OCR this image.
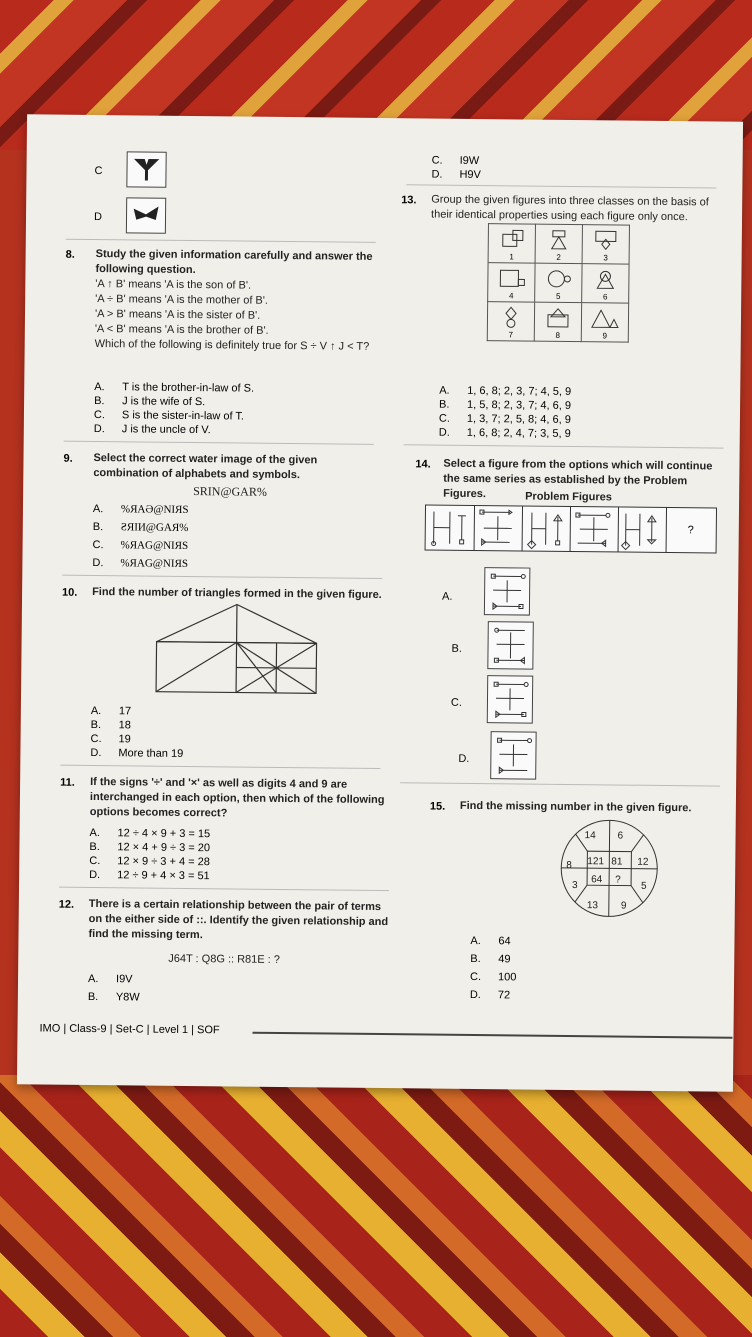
C
D
8. Study the given information carefully and answer the following question.
'A ↑ B' means 'A is the son of B'.
'A ÷ B' means 'A is the mother of B'.
'A > B' means 'A is the sister of B'.
'A < B' means 'A is the brother of B'.
Which of the following is definitely true for S ÷ V ↑ J < T?
A. T is the brother-in-law of S.
B. J is the wife of S.
C. S is the sister-in-law of T.
D. J is the uncle of V.
9. Select the correct water image of the given combination of alphabets and symbols.
SRIN@GAR%
A. %ЯAӘ@NIЯS
B. ƧЯIИ@GAЯ%
C. %ЯAG@NIЯS
D. %ЯAG@NIЯS
10. Find the number of triangles formed in the given figure.
A. 17
B. 18
C. 19
D. More than 19
11. If the signs '÷' and '×' as well as digits 4 and 9 are interchanged in each option, then which of the following options becomes correct?
A. 12 ÷ 4 × 9 + 3 = 15
B. 12 × 4 + 9 ÷ 3 = 20
C. 12 × 9 ÷ 3 + 4 = 28
D. 12 ÷ 9 + 4 × 3 = 51
12. There is a certain relationship between the pair of terms on the either side of ::. Identify the given relationship and find the missing term.
J64T : Q8G :: R81E : ?
A. I9V
B. Y8W
IMO | Class-9 | Set-C | Level 1 | SOF
C. I9W
D. H9V
13. Group the given figures into three classes on the basis of their identical properties using each figure only once.
1	2	3

4	5	6

7	8	9
A. 1, 6, 8; 2, 3, 7; 4, 5, 9
B. 1, 5, 8; 2, 3, 7; 4, 6, 9
C. 1, 3, 7; 2, 5, 8; 4, 6, 9
D. 1, 6, 8; 2, 4, 7; 3, 5, 9
14. Select a figure from the options which will continue the same series as established by the Problem Figures.	Problem Figures
?
A.
B.
C.
D.
15. Find the missing number in the given figure.
14 6
8 121 81 12
3
64 ?
5
13 9
A. 64
B. 49
C. 100
D. 72
